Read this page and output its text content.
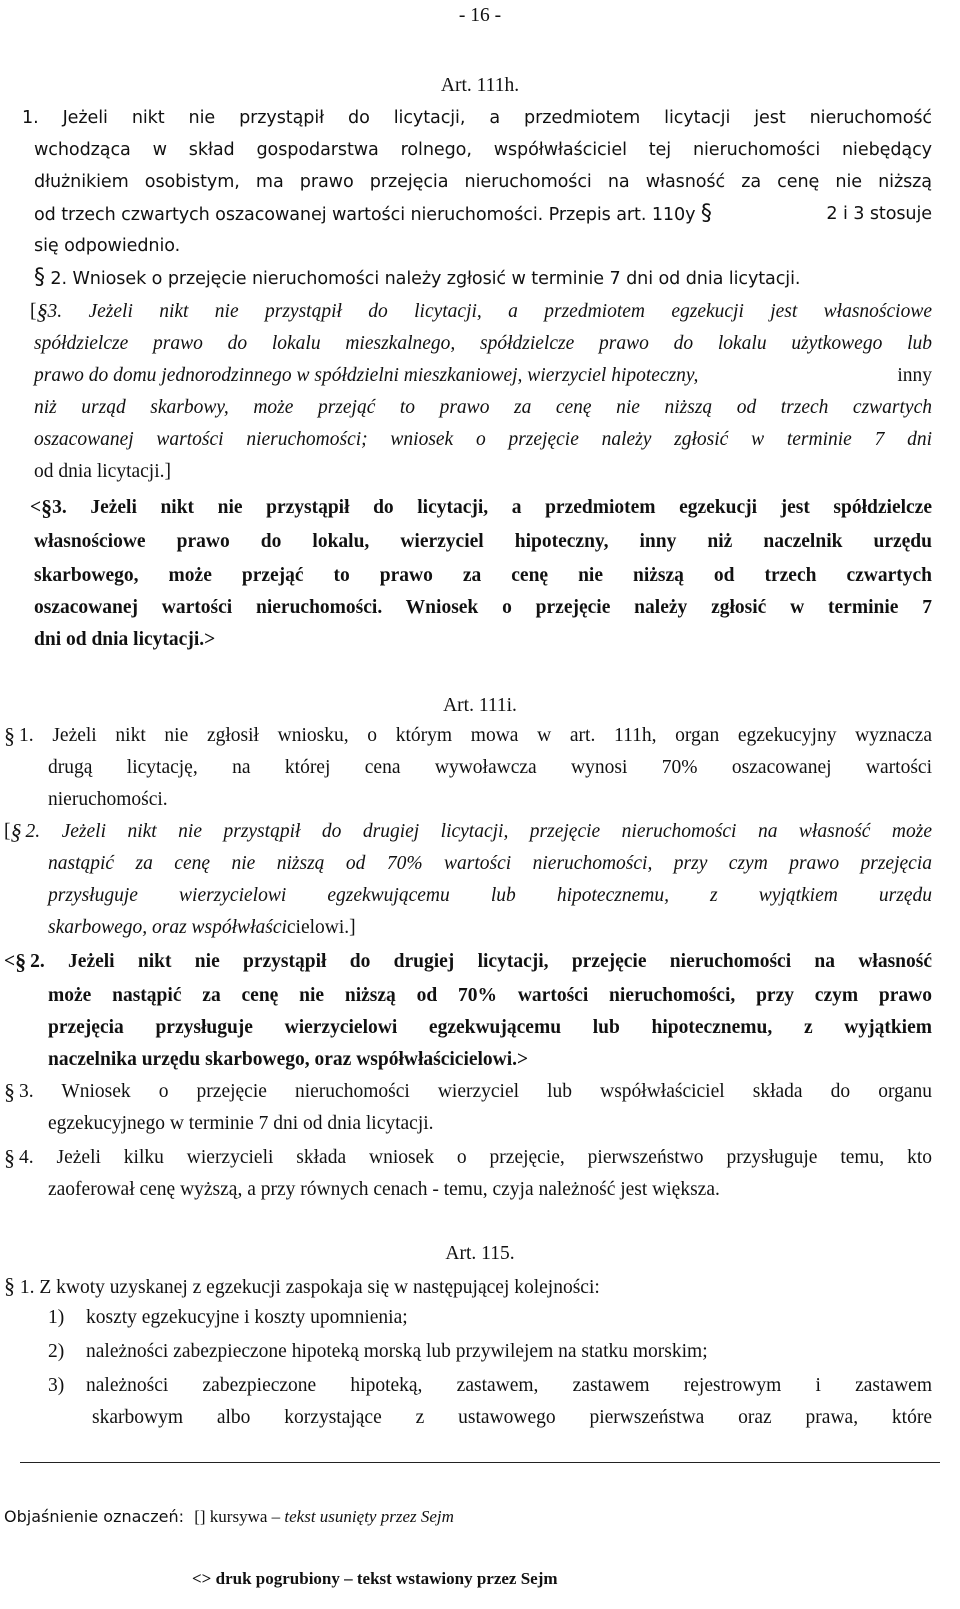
- 16 -
Art. 111h.
1. Jeżeli nikt nie przystąpił do licytacji, a przedmiotem licytacji jest nieruchomość
wchodząca w skład gospodarstwa rolnego, współwłaściciel tej nieruchomości niebędący
dłużnikiem osobistym, ma prawo przejęcia nieruchomości na własność za cenę nie niższą
od trzech czwartych oszacowanej wartości nieruchomości. Przepis art. 110y §	2 i 3 stosuje
się odpowiednio.
§ 2. Wniosek o przejęcie nieruchomości należy zgłosić w terminie 7 dni od dnia licytacji.
[ § 3. Jeżeli nikt nie przystąpił do licytacji, a przedmiotem egzekucji jest własnościowe
spółdzielcze prawo do lokalu mieszkalnego, spółdzielcze prawo do lokalu użytkowego lub
prawo do domu jednorodzinnego w spółdzielni mieszkaniowej, wierzyciel hipoteczny,	inny
niż urząd skarbowy, może przejąć to prawo za cenę nie niższą od trzech czwartych
oszacowanej wartości nieruchomości; wniosek o przejęcie należy zgłosić w terminie 7 dni
od dnia licytacji.]
< § 3. Jeżeli nikt nie przystąpił do licytacji, a przedmiotem egzekucji jest spółdzielcze
własnościowe prawo do lokalu, wierzyciel hipoteczny, inny niż naczelnik urzędu
skarbowego, może przejąć to prawo za cenę nie niższą od trzech czwartych
oszacowanej wartości nieruchomości. Wniosek o przejęcie należy zgłosić w terminie 7
dni od dnia licytacji.>
Art. 111i.
§ 1. Jeżeli nikt nie zgłosił wniosku, o którym mowa w art. 111h, organ egzekucyjny wyznacza
drugą licytację, na której cena wywoławcza wynosi 70% oszacowanej wartości
nieruchomości.
[ § 2. Jeżeli nikt nie przystąpił do drugiej licytacji, przejęcie nieruchomości na własność może
nastąpić za cenę nie niższą od 70% wartości nieruchomości, przy czym prawo przejęcia
przysługuje wierzycielowi egzekwującemu lub hipotecznemu, z wyjątkiem urzędu
skarbowego, oraz współwłaścicielowi.]
< § 2. Jeżeli nikt nie przystąpił do drugiej licytacji, przejęcie nieruchomości na własność
może nastąpić za cenę nie niższą od 70% wartości nieruchomości, przy czym prawo
przejęcia przysługuje wierzycielowi egzekwującemu lub hipotecznemu, z wyjątkiem
naczelnika urzędu skarbowego, oraz współwłaścicielowi.>
§ 3. Wniosek o przejęcie nieruchomości wierzyciel lub współwłaściciel składa do organu
egzekucyjnego w terminie 7 dni od dnia licytacji.
§ 4. Jeżeli kilku wierzycieli składa wniosek o przejęcie, pierwszeństwo przysługuje temu, kto
zaoferował cenę wyższą, a przy równych cenach - temu, czyja należność jest większa.
Art. 115.
§ 1. Z kwoty uzyskanej z egzekucji zaspokaja się w następującej kolejności:
1) koszty egzekucyjne i koszty upomnienia;
2) należności zabezpieczone hipoteką morską lub przywilejem na statku morskim;
3) należności zabezpieczone hipoteką, zastawem, zastawem rejestrowym i zastawem
skarbowym albo korzystające z ustawowego pierwszeństwa oraz prawa, które
Objaśnienie oznaczeń: [] kursywa – tekst usunięty przez Sejm
<> druk pogrubiony – tekst wstawiony przez Sejm
